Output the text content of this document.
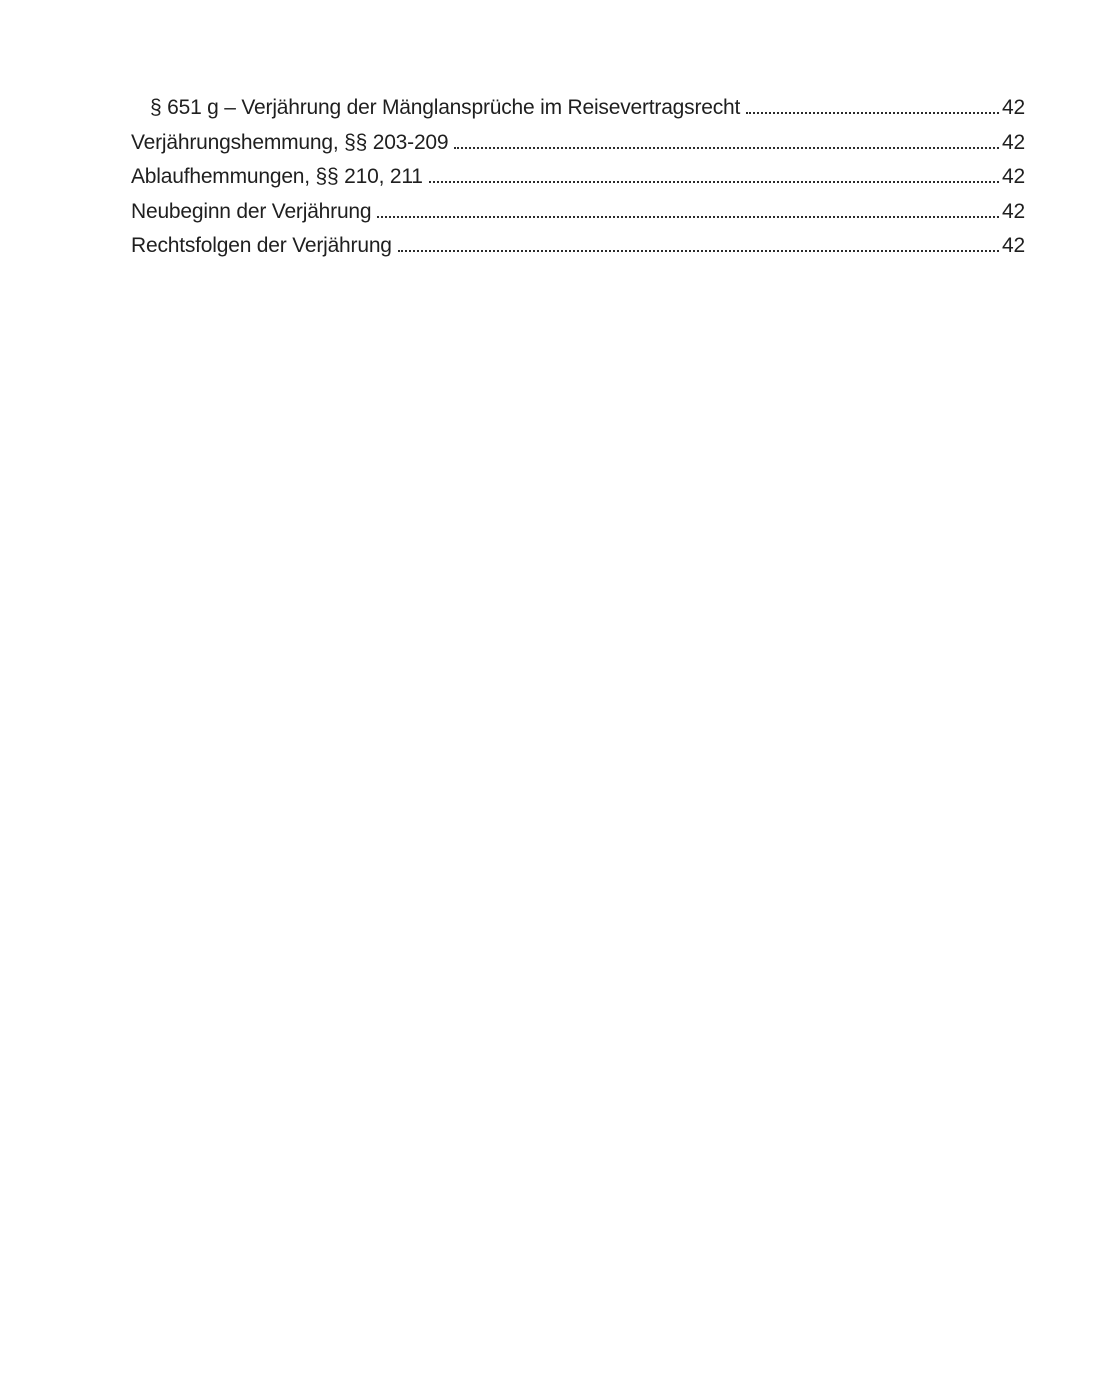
§ 651 g – Verjährung der Mänglansprüche im Reisevertragsrecht	42
Verjährungshemmung, §§ 203-209	42
Ablaufhemmungen, §§ 210, 211	42
Neubeginn der Verjährung	42
Rechtsfolgen der Verjährung	42
